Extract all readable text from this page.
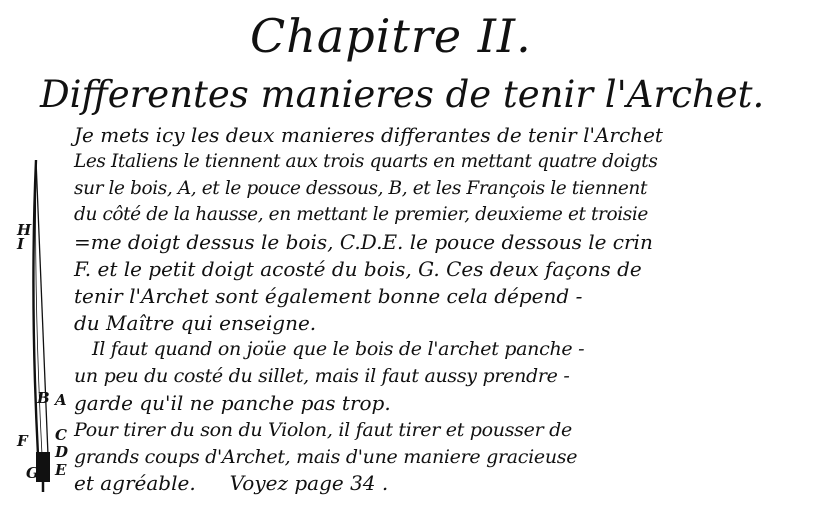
Chapitre II.
Differentes manieres de tenir l'Archet.
H
I
B A
F C
D
G E
Je mets icy les deux manieres differantes de tenir l'Archet
Les Italiens le tiennent aux trois quarts en mettant quatre doigts
sur le bois, A, et le pouce dessous, B, et les François le tiennent
du côté de la hausse, en mettant le premier, deuxieme et troisie
=me doigt dessus le bois, C.D.E. le pouce dessous le crin
F. et le petit doigt acosté du bois, G. Ces deux façons de
tenir l'Archet sont également bonne cela dépend -
du Maître qui enseigne.
Il faut quand on joüe que le bois de l'archet panche -
un peu du costé du sillet, mais il faut aussy prendre -
garde qu'il ne panche pas trop.
Pour tirer du son du Violon, il faut tirer et pousser de
grands coups d'Archet, mais d'une maniere gracieuse
et agréable. Voyez page 34 .
